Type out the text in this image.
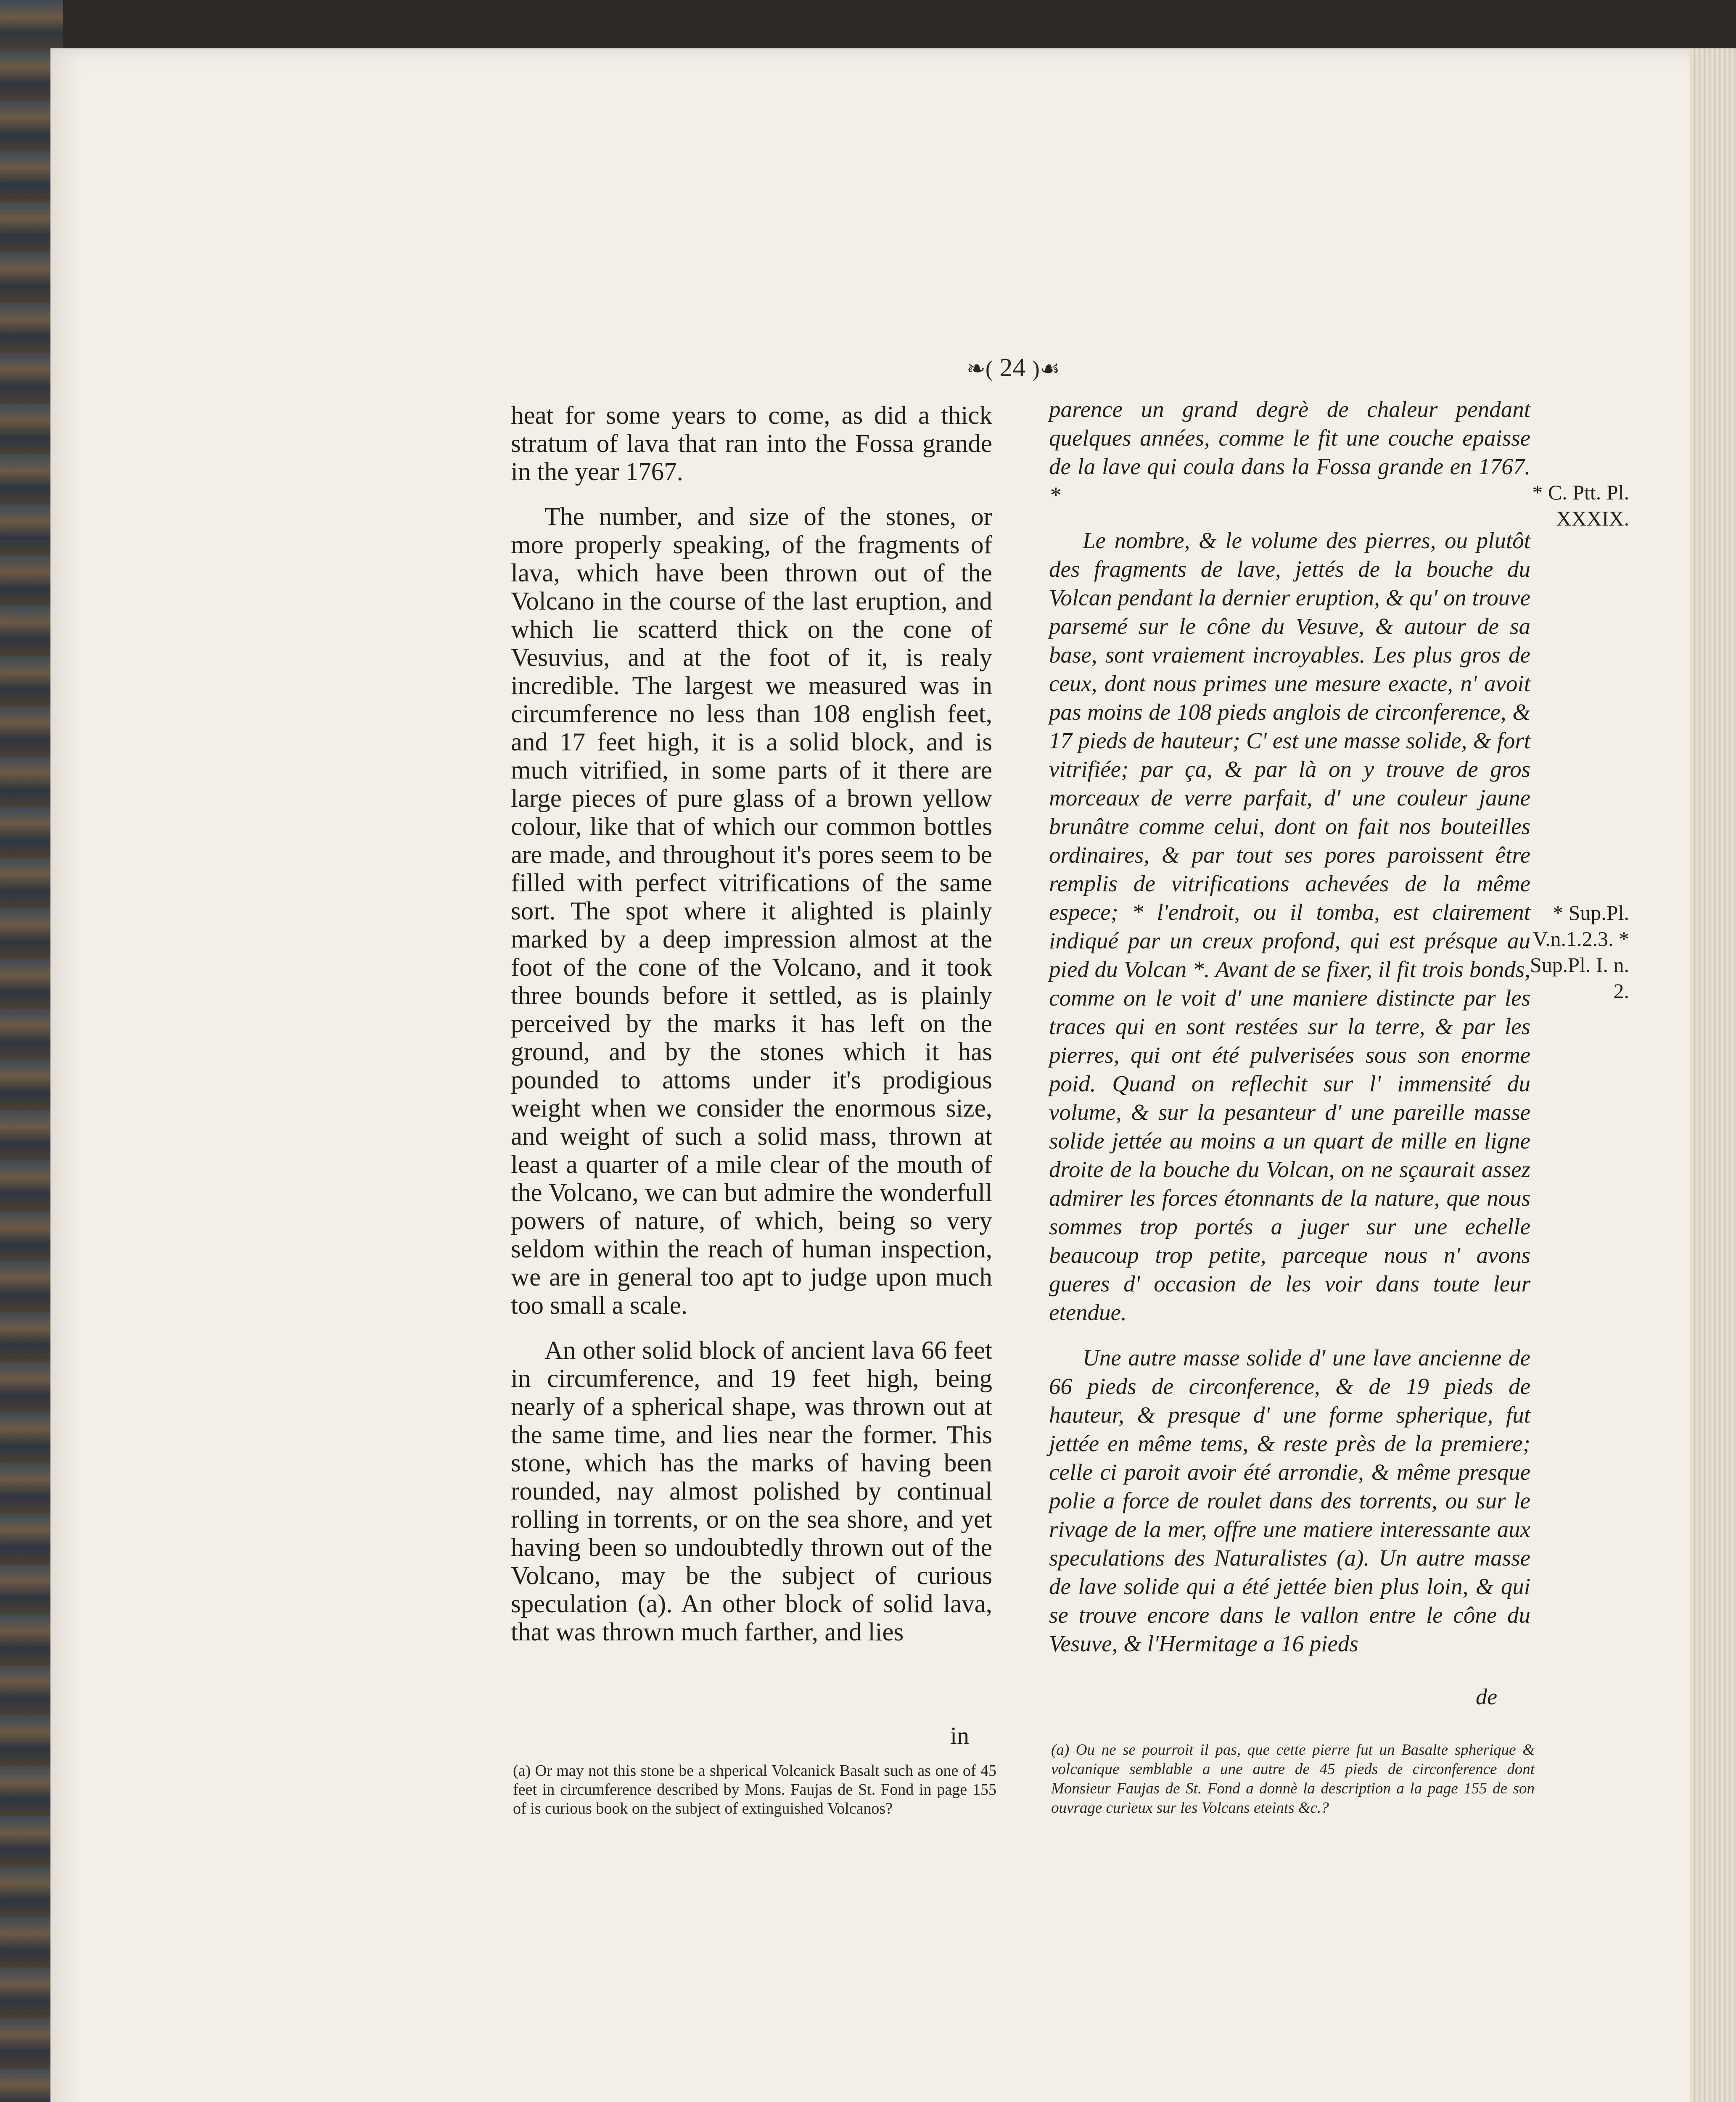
❧( 24 )☙

heat for some years to come, as did a thick stratum of lava that ran into the Fossa grande in the year 1767.

The number, and size of the stones, or more properly speaking, of the fragments of lava, which have been thrown out of the Volcano in the course of the last eruption, and which lie scatterd thick on the cone of Vesuvius, and at the foot of it, is realy incredible. The largest we measured was in circumference no less than 108 english feet, and 17 feet high, it is a solid block, and is much vitrified, in some parts of it there are large pieces of pure glass of a brown yellow colour, like that of which our common bottles are made, and throughout it's pores seem to be filled with perfect vitrifications of the same sort. The spot where it alighted is plainly marked by a deep impression almost at the foot of the cone of the Volcano, and it took three bounds before it settled, as is plainly perceived by the marks it has left on the ground, and by the stones which it has pounded to attoms under it's prodigious weight when we consider the enormous size, and weight of such a solid mass, thrown at least a quarter of a mile clear of the mouth of the Volcano, we can but admire the wonderfull powers of nature, of which, being so very seldom within the reach of human inspection, we are in general too apt to judge upon much too small a scale.

An other solid block of ancient lava 66 feet in circumference, and 19 feet high, being nearly of a spherical shape, was thrown out at the same time, and lies near the former. This stone, which has the marks of having been rounded, nay almost polished by continual rolling in torrents, or on the sea shore, and yet having been so undoubtedly thrown out of the Volcano, may be the subject of curious speculation (a). An other block of solid lava, that was thrown much farther, and lies

in
(a) Or may not this stone be a shperical Volcanick Basalt such as one of 45 feet in circumference described by Mons. Faujas de St. Fond in page 155 of is curious book on the subject of extinguished Volcanos?

parence un grand degrè de chaleur pendant quelques années, comme le fit une couche epaisse de la lave qui coula dans la Fossa grande en 1767. *

Le nombre, & le volume des pierres, ou plutôt des fragments de lave, jettés de la bouche du Volcan pendant la dernier eruption, & qu' on trouve parsemé sur le cône du Vesuve, & autour de sa base, sont vraiement incroyables. Les plus gros de ceux, dont nous primes une mesure exacte, n' avoit pas moins de 108 pieds anglois de circonference, & 17 pieds de hauteur; C' est une masse solide, & fort vitrifiée; par ça, & par là on y trouve de gros morceaux de verre parfait, d' une couleur jaune brunâtre comme celui, dont on fait nos bouteilles ordinaires, & par tout ses pores paroissent être remplis de vitrifications achevées de la même espece; * l'endroit, ou il tomba, est clairement indiqué par un creux profond, qui est présque au pied du Volcan *. Avant de se fixer, il fit trois bonds, comme on le voit d' une maniere distincte par les traces qui en sont restées sur la terre, & par les pierres, qui ont été pulverisées sous son enorme poid. Quand on reflechit sur l' immensité du volume, & sur la pesanteur d' une pareille masse solide jettée au moins a un quart de mille en ligne droite de la bouche du Volcan, on ne sçaurait assez admirer les forces étonnants de la nature, que nous sommes trop portés a juger sur une echelle beaucoup trop petite, parceque nous n' avons gueres d' occasion de les voir dans toute leur etendue.

Une autre masse solide d' une lave ancienne de 66 pieds de circonference, & de 19 pieds de hauteur, & presque d' une forme spherique, fut jettée en même tems, & reste près de la premiere; celle ci paroit avoir été arrondie, & même presque polie a force de roulet dans des torrents, ou sur le rivage de la mer, offre une matiere interessante aux speculations des Naturalistes (a). Un autre masse de lave solide qui a été jettée bien plus loin, & qui se trouve encore dans le vallon entre le cône du Vesuve, & l'Hermitage a 16 pieds

de
(a) Ou ne se pourroit il pas, que cette pierre fut un Basalte spherique & volcanique semblable a une autre de 45 pieds de circonference dont Monsieur Faujas de St. Fond a donnè la description a la page 155 de son ouvrage curieux sur les Volcans eteints &c.?
* C. Ptt. Pl. XXXIX.
* Sup.Pl. V.n.1.2.3. * Sup.Pl. I. n. 2.
